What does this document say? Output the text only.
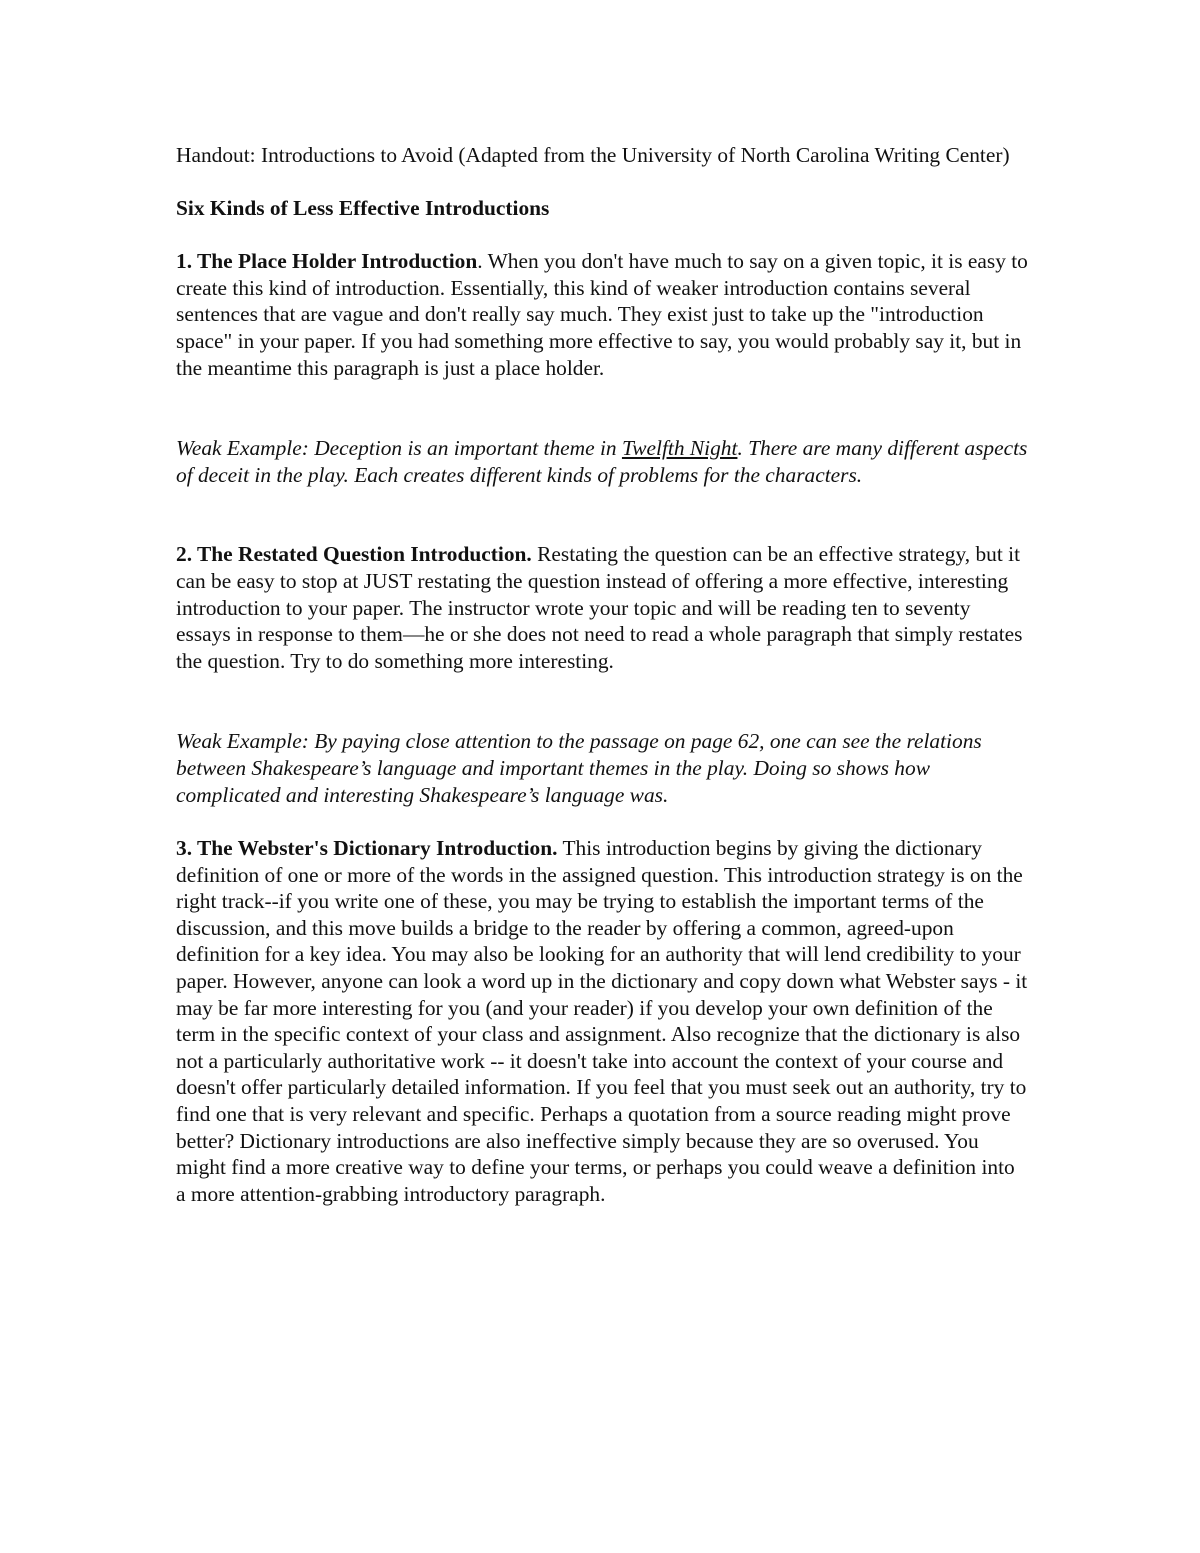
Handout: Introductions to Avoid (Adapted from the University of North Carolina Writing Center)

Six Kinds of Less Effective Introductions

1. The Place Holder Introduction. When you don't have much to say on a given topic, it is easy to create this kind of introduction. Essentially, this kind of weaker introduction contains several sentences that are vague and don't really say much. They exist just to take up the "introduction space" in your paper. If you had something more effective to say, you would probably say it, but in the meantime this paragraph is just a place holder.

Weak Example: Deception is an important theme in Twelfth Night. There are many different aspects of deceit in the play. Each creates different kinds of problems for the characters.

2. The Restated Question Introduction. Restating the question can be an effective strategy, but it can be easy to stop at JUST restating the question instead of offering a more effective, interesting introduction to your paper. The instructor wrote your topic and will be reading ten to seventy essays in response to them—he or she does not need to read a whole paragraph that simply restates the question. Try to do something more interesting.

Weak Example: By paying close attention to the passage on page 62, one can see the relations between Shakespeare’s language and important themes in the play. Doing so shows how complicated and interesting Shakespeare’s language was.

3. The Webster's Dictionary Introduction. This introduction begins by giving the dictionary definition of one or more of the words in the assigned question. This introduction strategy is on the right track--if you write one of these, you may be trying to establish the important terms of the discussion, and this move builds a bridge to the reader by offering a common, agreed-upon definition for a key idea. You may also be looking for an authority that will lend credibility to your paper. However, anyone can look a word up in the dictionary and copy down what Webster says - it may be far more interesting for you (and your reader) if you develop your own definition of the term in the specific context of your class and assignment. Also recognize that the dictionary is also not a particularly authoritative work -- it doesn't take into account the context of your course and doesn't offer particularly detailed information. If you feel that you must seek out an authority, try to find one that is very relevant and specific. Perhaps a quotation from a source reading might prove better? Dictionary introductions are also ineffective simply because they are so overused. You might find a more creative way to define your terms, or perhaps you could weave a definition into a more attention-grabbing introductory paragraph.
